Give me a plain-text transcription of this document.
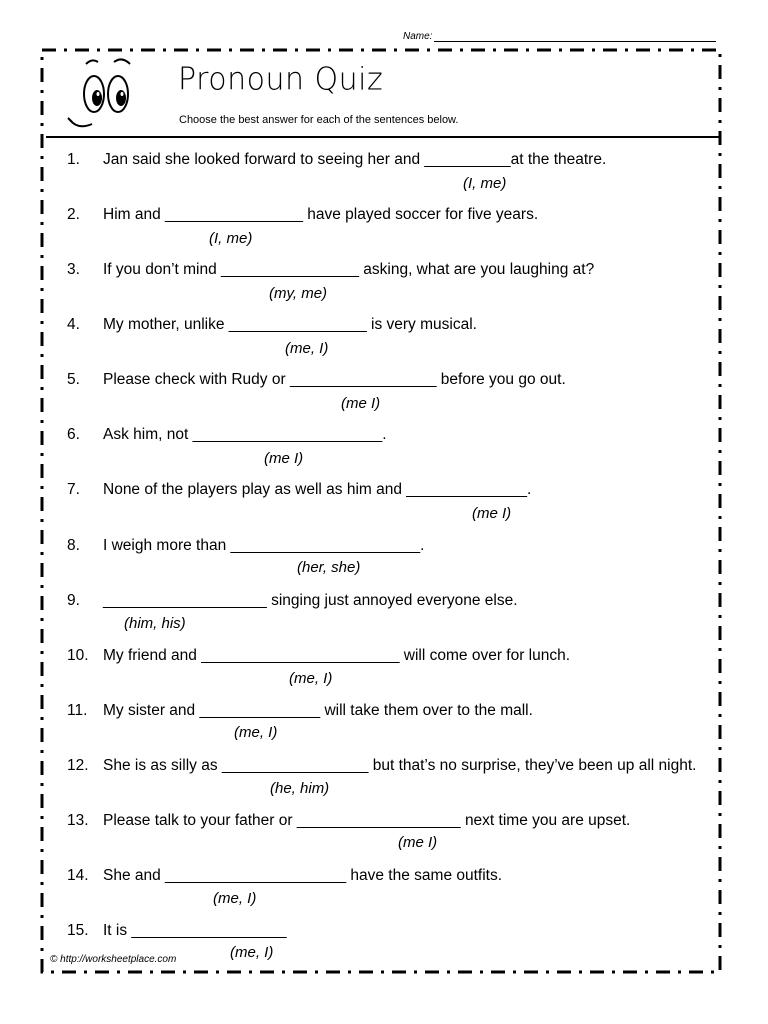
Name:
Pronoun Quiz
Choose the best answer for each of the sentences below.
1. Jan said she looked forward to seeing her and __________at the theatre.
(I, me)
2. Him and ________________ have played soccer for five years.
(I, me)
3. If you don’t mind ________________ asking, what are you laughing at?
(my, me)
4. My mother, unlike ________________ is very musical.
(me, I)
5. Please check with Rudy or _________________ before you go out.
(me I)
6. Ask him, not ______________________.
(me I)
7. None of the players play as well as him and ______________.
(me I)
8. I weigh more than ______________________.
(her, she)
9. ___________________ singing just annoyed everyone else.
(him, his)
10. My friend and _______________________ will come over for lunch.
(me, I)
11. My sister and ______________ will take them over to the mall.
(me, I)
12. She is as silly as _________________ but that’s no surprise, they’ve been up all night.
(he, him)
13. Please talk to your father or ___________________ next time you are upset.
(me I)
14. She and _____________________ have the same outfits.
(me, I)
15. It is __________________
(me, I)
© http://worksheetplace.com
